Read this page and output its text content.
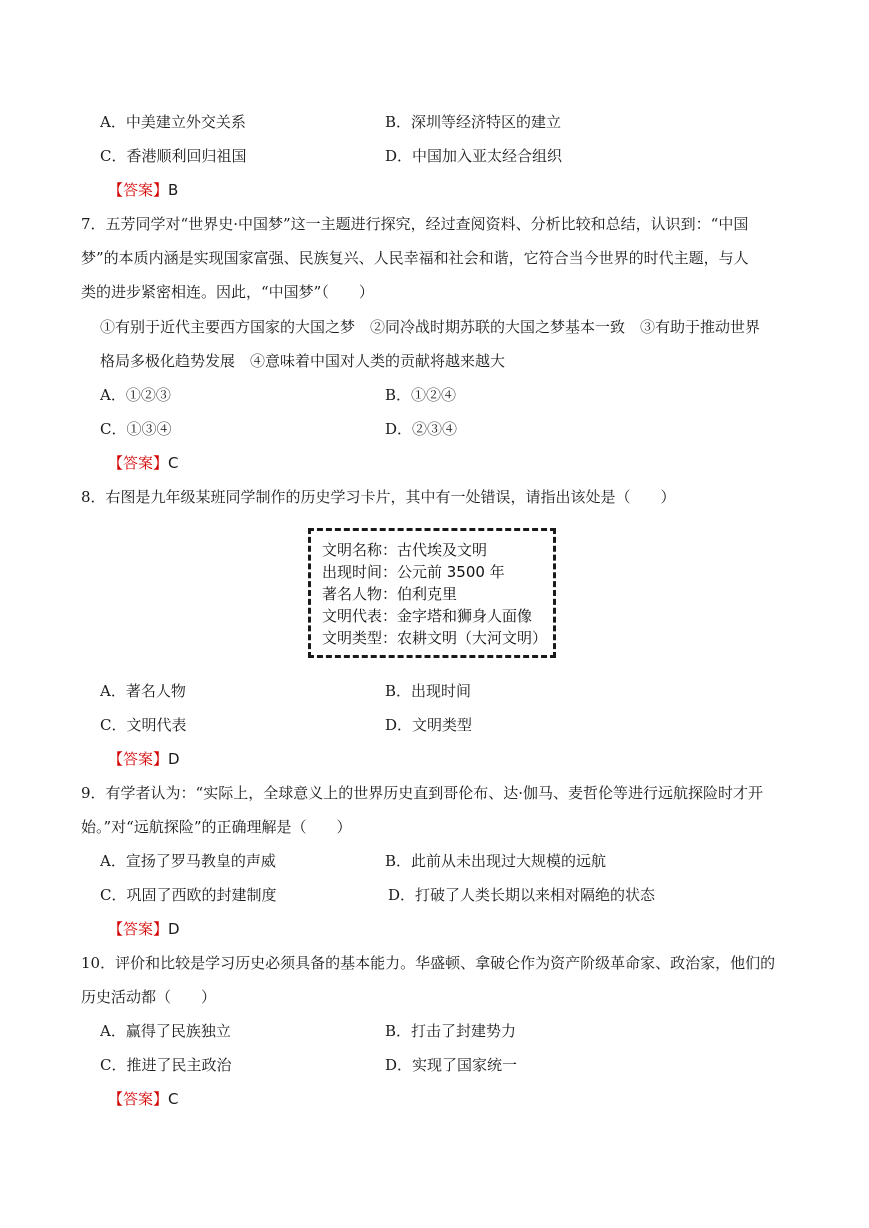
A．中美建立外交关系	B．深圳等经济特区的建立
C．香港顺利回归祖国	D．中国加入亚太经合组织
【答案】B
7．五芳同学对“世界史·中国梦”这一主题进行探究，经过查阅资料、分析比较和总结，认识到：“中国
梦”的本质内涵是实现国家富强、民族复兴、人民幸福和社会和谐，它符合当今世界的时代主题，与人
类的进步紧密相连。因此，“中国梦”（　　）
①有别于近代主要西方国家的大国之梦　②同冷战时期苏联的大国之梦基本一致　③有助于推动世界
格局多极化趋势发展　④意味着中国对人类的贡献将越来越大
A．①②③	B．①②④
C．①③④	D．②③④
【答案】C
8．右图是九年级某班同学制作的历史学习卡片，其中有一处错误，请指出该处是（　　）
文明名称：古代埃及文明
出现时间：公元前 3500 年
著名人物：伯利克里
文明代表：金字塔和狮身人面像
文明类型：农耕文明（大河文明）
A．著名人物	B．出现时间
C．文明代表	D．文明类型
【答案】D
9．有学者认为：“实际上，全球意义上的世界历史直到哥伦布、达·伽马、麦哲伦等进行远航探险时才开
始。”对“远航探险”的正确理解是（　　）
A．宣扬了罗马教皇的声威	B．此前从未出现过大规模的远航
C．巩固了西欧的封建制度	D．打破了人类长期以来相对隔绝的状态
【答案】D
10．评价和比较是学习历史必须具备的基本能力。华盛顿、拿破仑作为资产阶级革命家、政治家，他们的
历史活动都（　　）
A．赢得了民族独立	B．打击了封建势力
C．推进了民主政治	D．实现了国家统一
【答案】C
